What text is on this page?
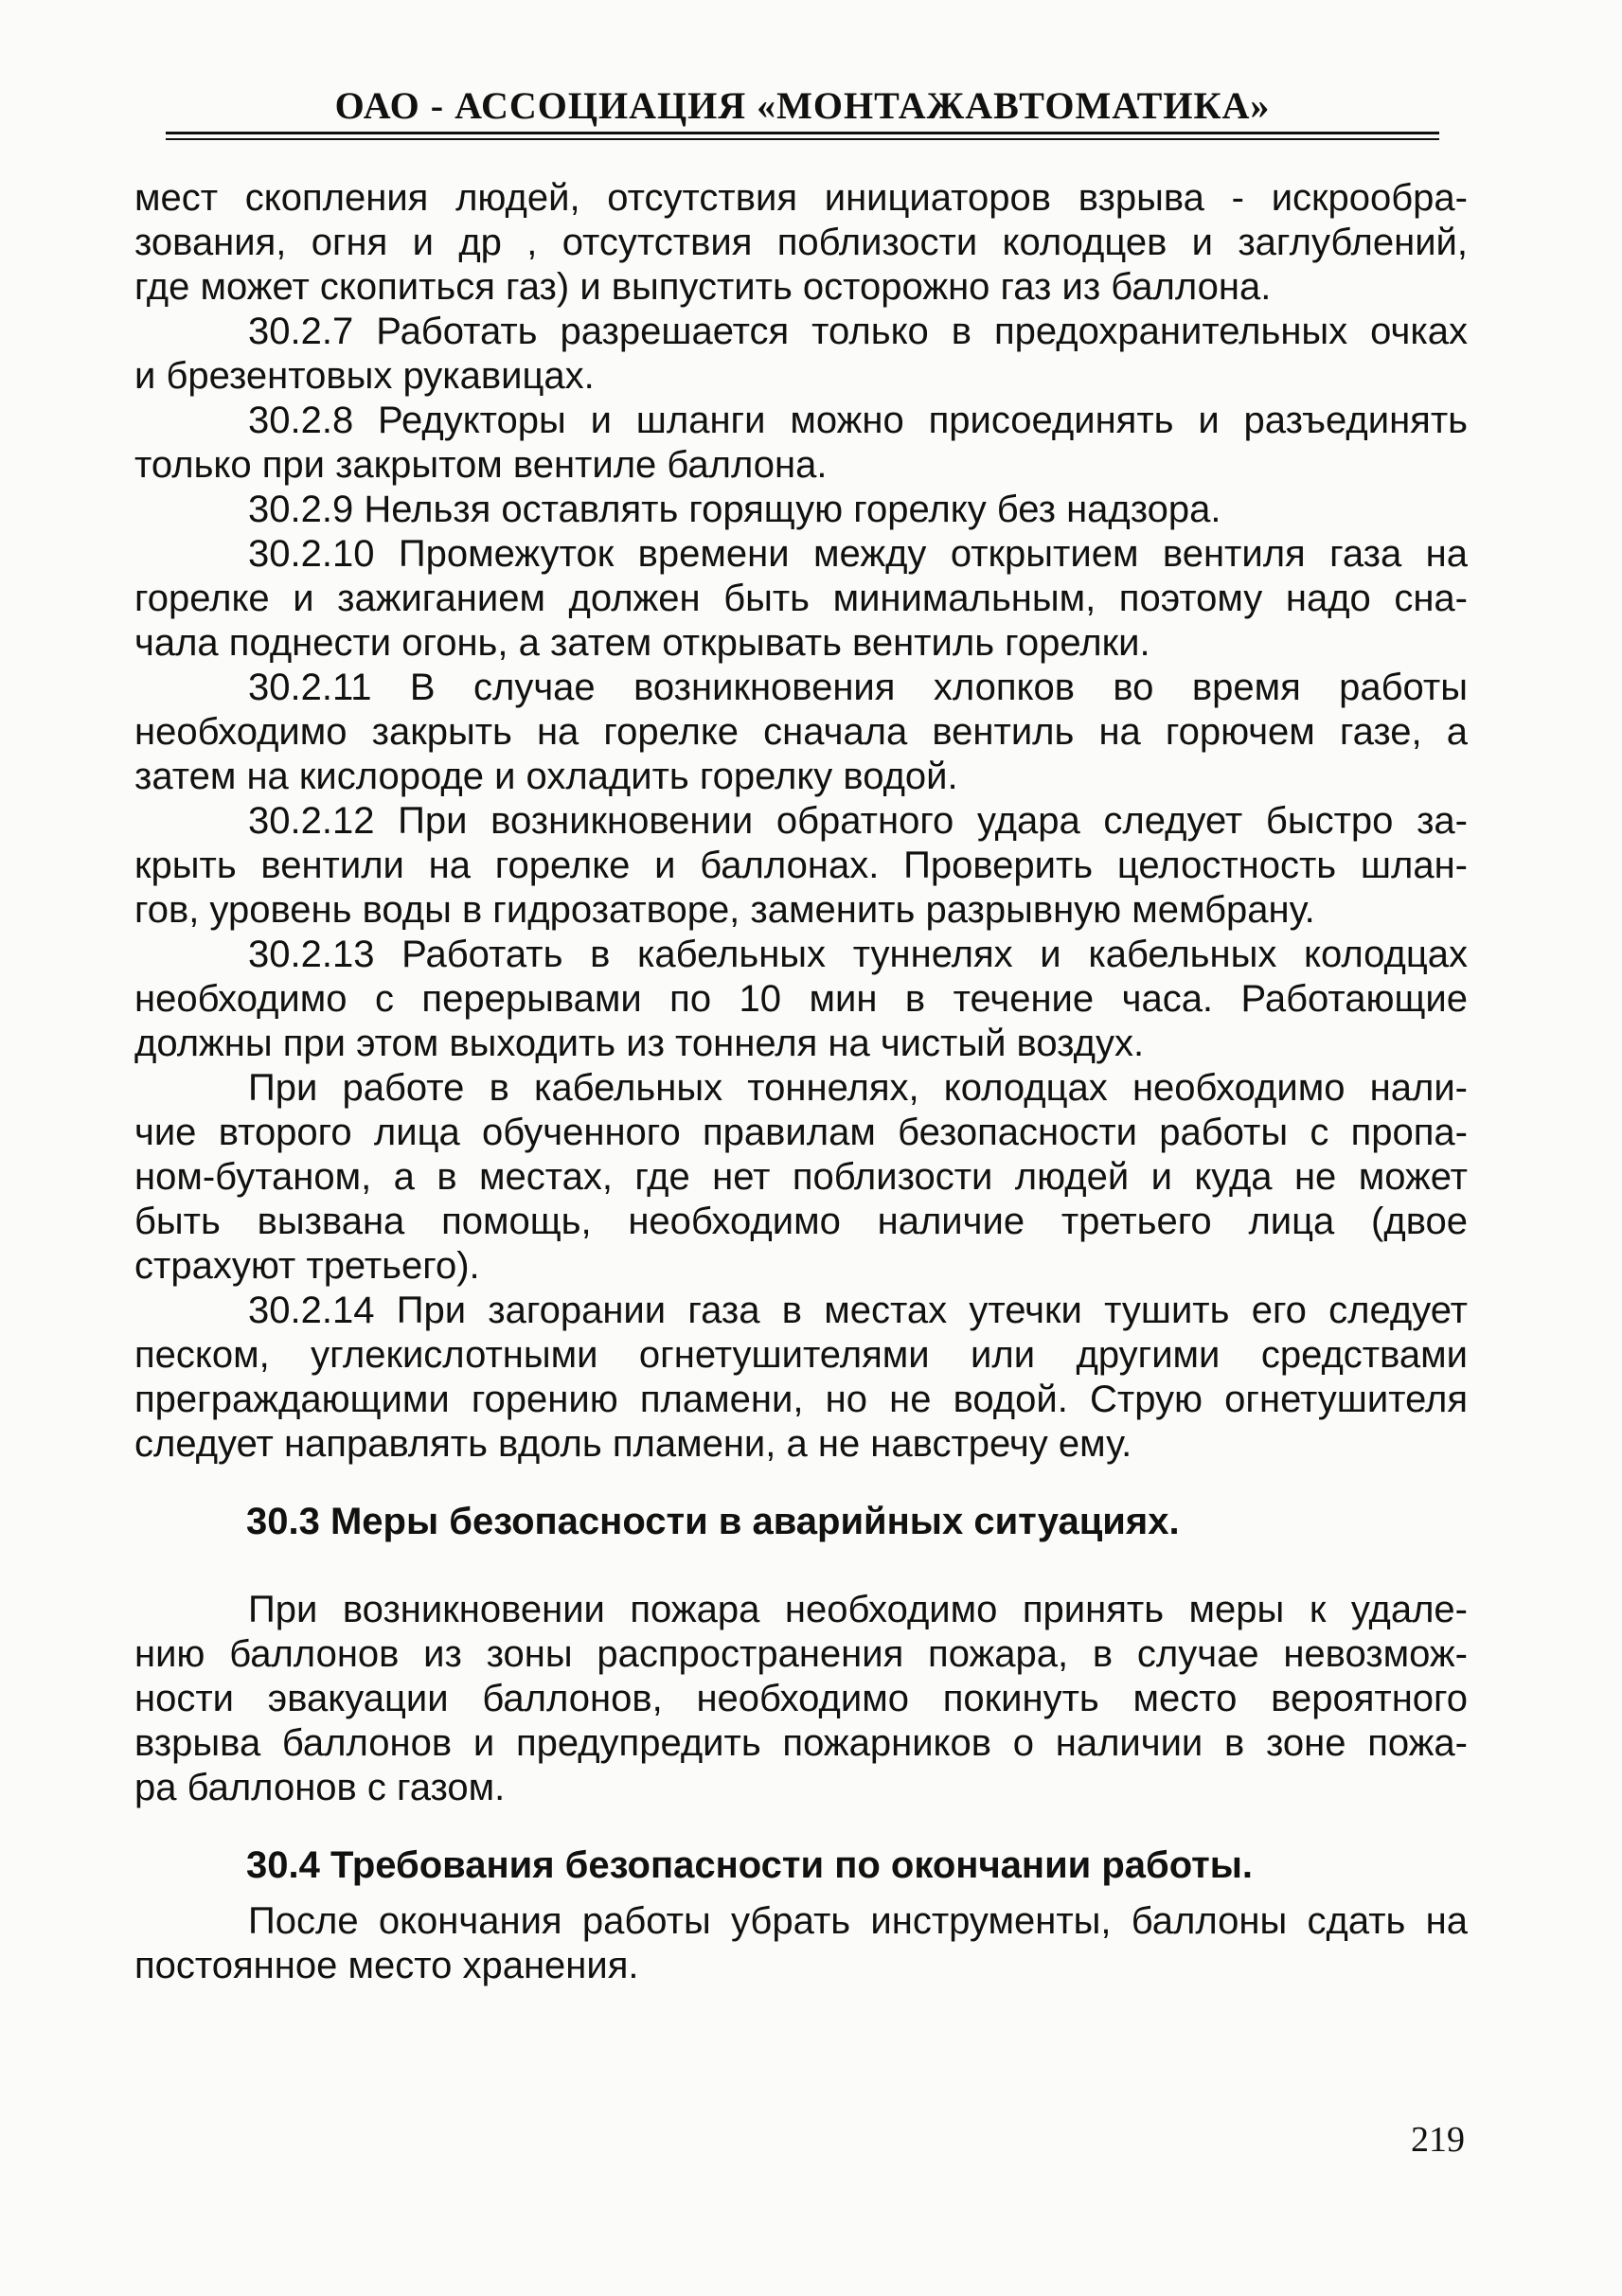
ОАО - АССОЦИАЦИЯ «МОНТАЖАВТОМАТИКА»

мест скопления людей, отсутствия инициаторов взрыва - искрообра-
зования, огня и др , отсутствия поблизости колодцев и заглублений,
где может скопиться газ) и выпустить осторожно газ из баллона.

30.2.7 Работать разрешается только в предохранительных очках
и брезентовых рукавицах.

30.2.8 Редукторы и шланги можно присоединять и разъединять
только при закрытом вентиле баллона.

30.2.9 Нельзя оставлять горящую горелку без надзора.

30.2.10 Промежуток времени между открытием вентиля газа на
горелке и зажиганием должен быть минимальным, поэтому надо сна-
чала поднести огонь, а затем открывать вентиль горелки.

30.2.11 В случае возникновения хлопков во время работы
необходимо закрыть на горелке сначала вентиль на горючем газе, а
затем на кислороде и охладить горелку водой.

30.2.12 При возникновении обратного удара следует быстро за-
крыть вентили на горелке и баллонах. Проверить целостность шлан-
гов, уровень воды в гидрозатворе, заменить разрывную мембрану.

30.2.13 Работать в кабельных туннелях и кабельных колодцах
необходимо с перерывами по 10 мин в течение часа. Работающие
должны при этом выходить из тоннеля на чистый воздух.

При работе в кабельных тоннелях, колодцах необходимо нали-
чие второго лица обученного правилам безопасности работы с пропа-
ном-бутаном, а в местах, где нет поблизости людей и куда не может
быть вызвана помощь, необходимо наличие третьего лица (двое
страхуют третьего).

30.2.14 При загорании газа в местах утечки тушить его следует
песком, углекислотными огнетушителями или другими средствами
преграждающими горению пламени, но не водой. Струю огнетушителя
следует направлять вдоль пламени, а не навстречу ему.

30.3 Меры безопасности в аварийных ситуациях.

При возникновении пожара необходимо принять меры к удале-
нию баллонов из зоны распространения пожара, в случае невозмож-
ности эвакуации баллонов, необходимо покинуть место вероятного
взрыва баллонов и предупредить пожарников о наличии в зоне пожа-
ра баллонов с газом.

30.4 Требования безопасности по окончании работы.

После окончания работы убрать инструменты, баллоны сдать на
постоянное место хранения.

219
